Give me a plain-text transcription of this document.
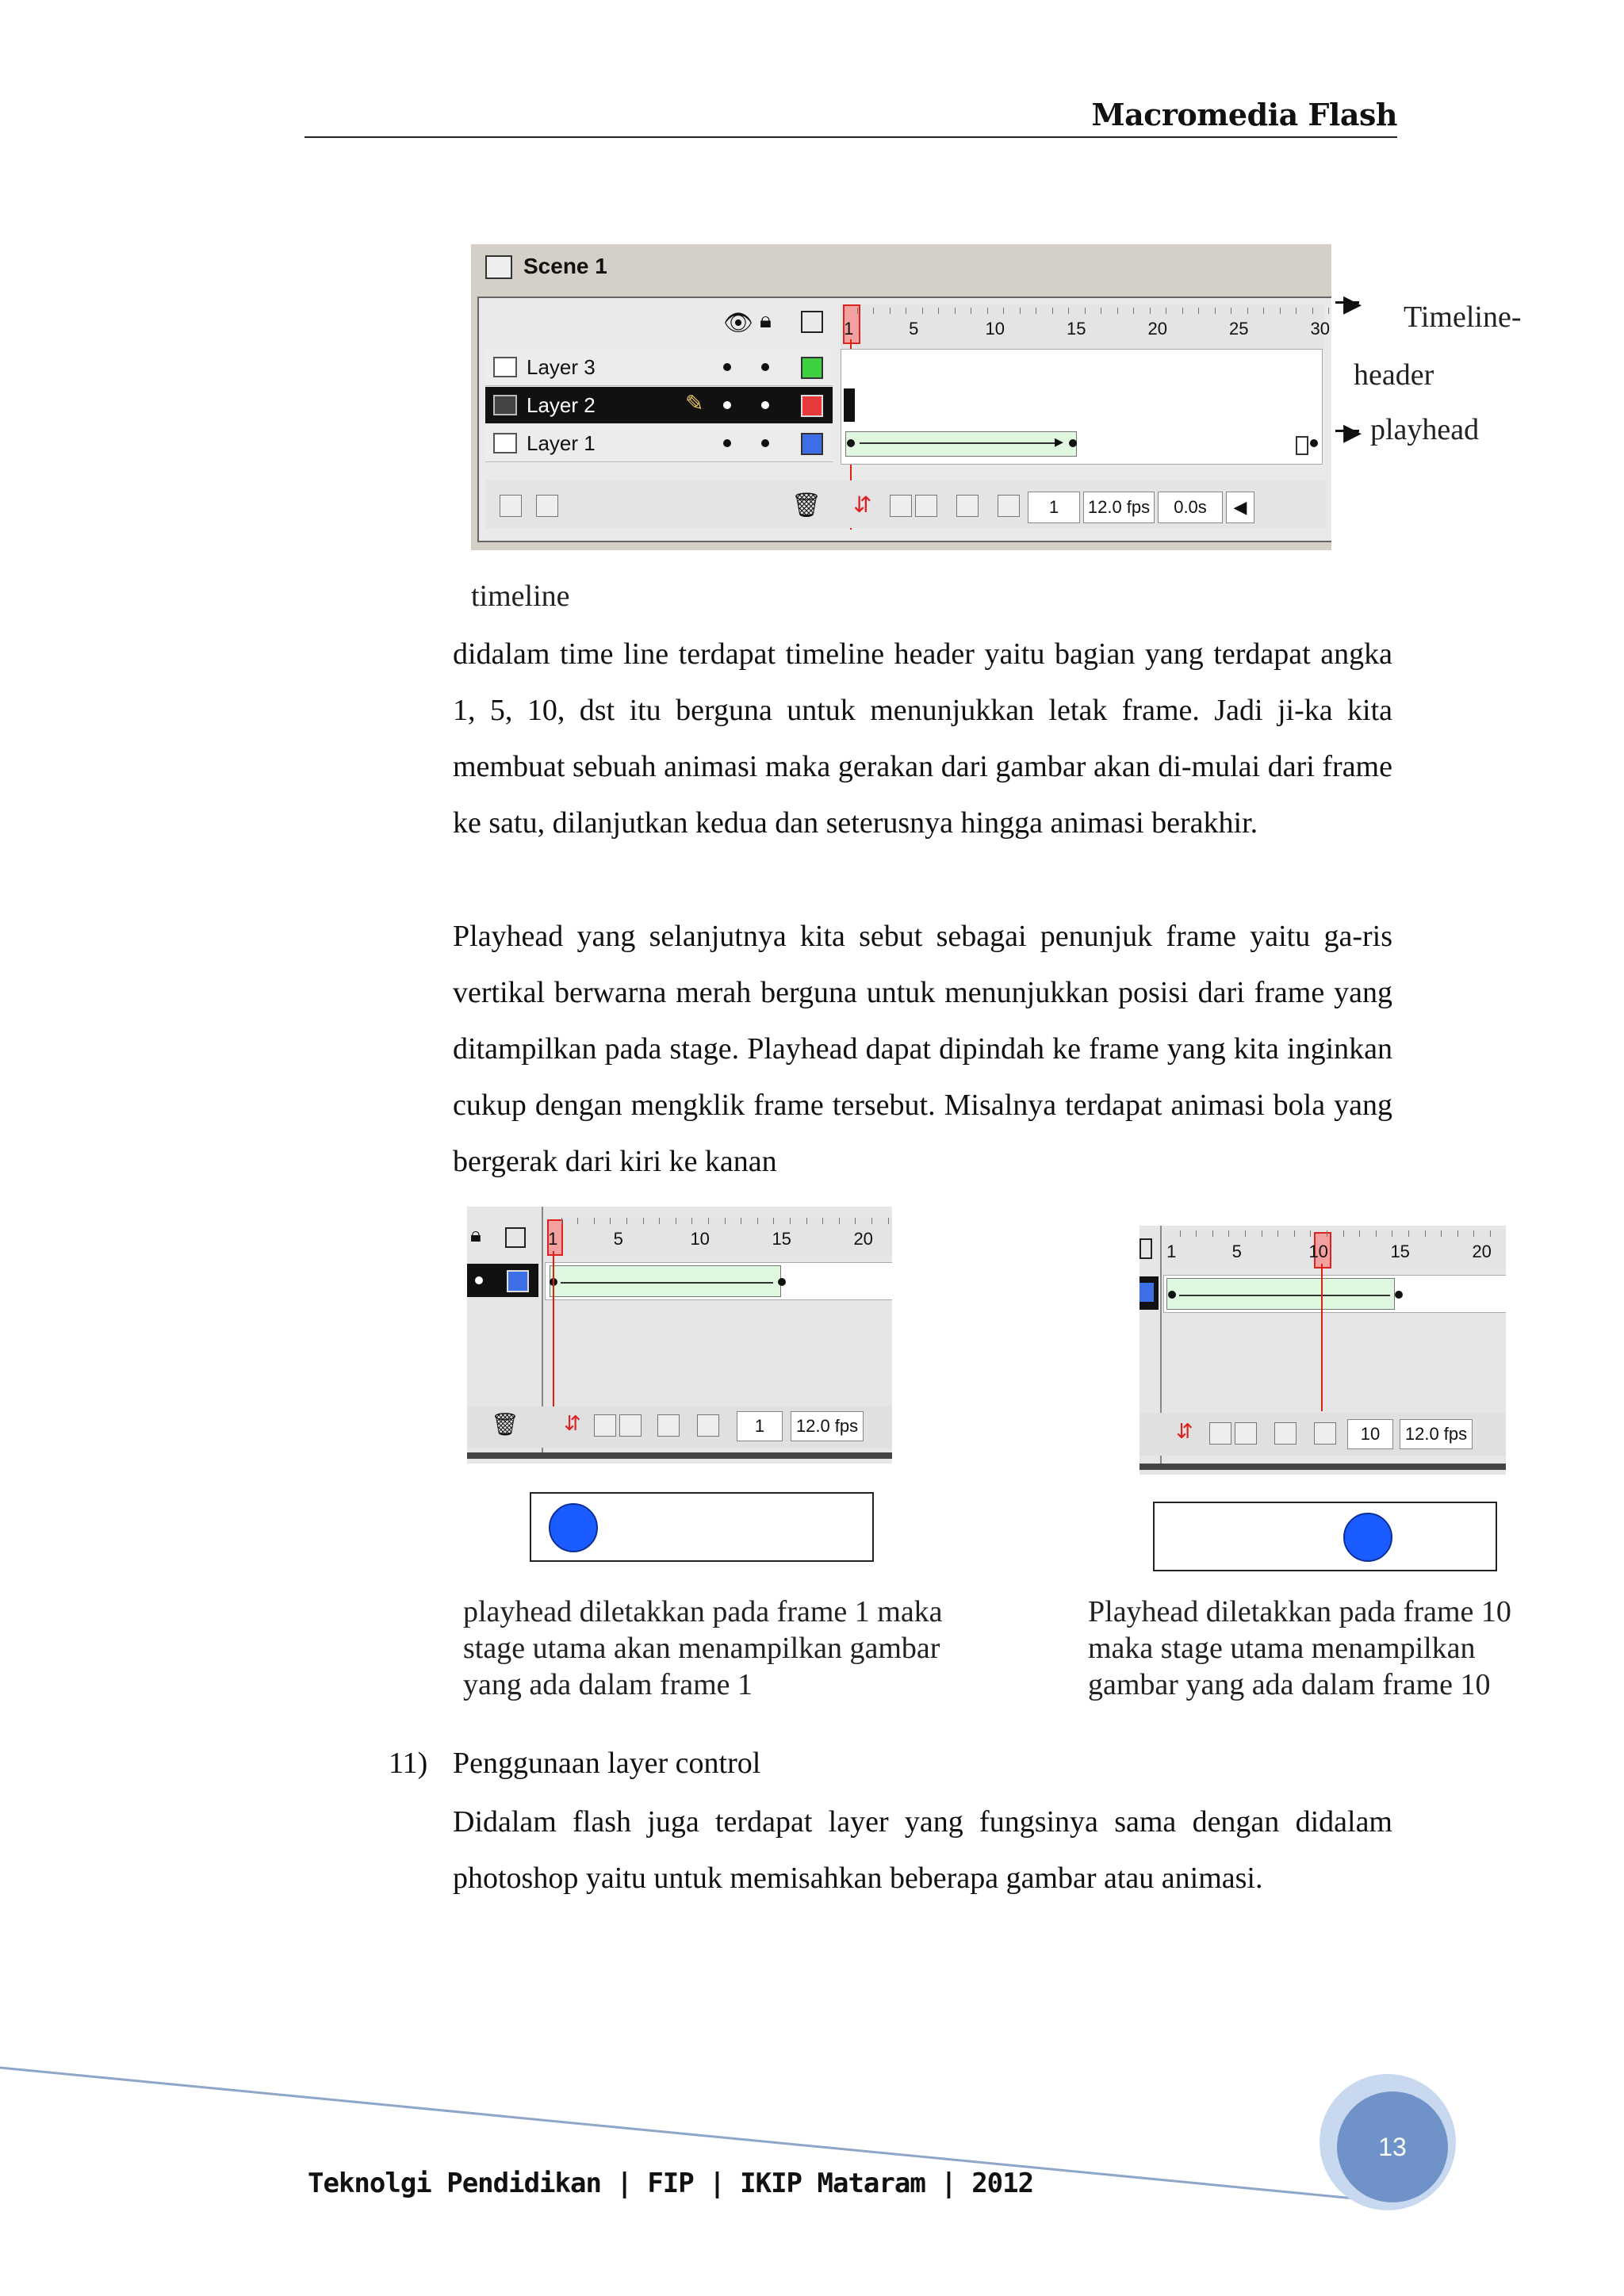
Macromedia Flash
Scene 1
👁 🔒︎
Layer 3
Layer 2	✎
Layer 1	▸
🗑︎ ⇵	1	12.0 fps	0.0s	◀
1	5	10	15	20	25	30
▶ Timeline-
header
▶ playhead
timeline

didalam time line terdapat timeline header yaitu bagian yang terdapat angka 1, 5, 10, dst itu berguna untuk menunjukkan letak frame. Jadi ji-ka kita membuat sebuah animasi maka gerakan dari gambar akan di-mulai dari frame ke satu, dilanjutkan kedua dan seterusnya hingga animasi berakhir.

Playhead yang selanjutnya kita sebut sebagai penunjuk frame yaitu ga-ris vertikal berwarna merah berguna untuk menunjukkan posisi dari frame yang ditampilkan pada stage. Playhead dapat dipindah ke frame yang kita inginkan cukup dengan mengklik frame tersebut. Misalnya terdapat animasi bola yang bergerak dari kiri ke kanan

🔒︎
🗑︎ ⇵	1	12.0 fps
1	5	10	15	20
playhead diletakkan pada frame 1 maka
stage utama akan menampilkan gambar
yang ada dalam frame 1
⇵	10	12.0 fps
1	5	10	15	20
Playhead diletakkan pada frame 10
maka stage utama menampilkan
gambar yang ada dalam frame 10
11) Penggunaan layer control

Didalam flash juga terdapat layer yang fungsinya sama dengan didalam photoshop yaitu untuk memisahkan beberapa gambar atau animasi.

13
Teknolgi Pendidikan | FIP | IKIP Mataram | 2012
